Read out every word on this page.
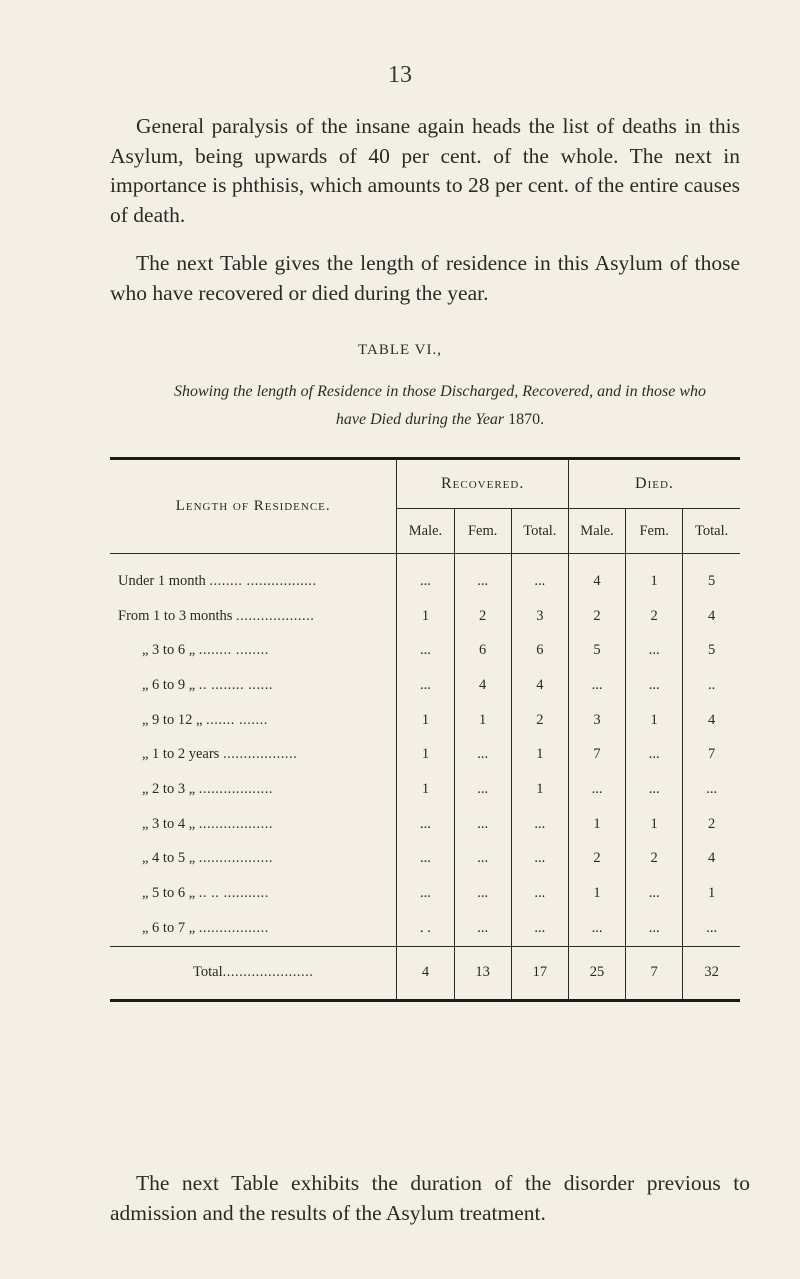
13

General paralysis of the insane again heads the list of deaths in this Asylum, being upwards of 40 per cent. of the whole. The next in importance is phthisis, which amounts to 28 per cent. of the entire causes of death.

The next Table gives the length of residence in this Asylum of those who have recovered or died during the year.

TABLE VI.,
Showing the length of Residence in those Discharged, Recovered, and in those who have Died during the Year 1870.
Length of Residence.	Recovered.			Died.		
	Male.	Fem.	Total.	Male.	Fem.	Total.
Under 1 month ........ .................	...	...	...	4	1	5
From 1 to 3 months ...................	1	2	3	2	2	4
„ 3 to 6 „ ........ ........	...	6	6	5	...	5
„ 6 to 9 „ .. ........ ......	...	4	4	...	...	..
„ 9 to 12 „ ....... .......	1	1	2	3	1	4
„ 1 to 2 years ..................	1	...	1	7	...	7
„ 2 to 3 „ ..................	1	...	1	...	...	...
„ 3 to 4 „ ..................	...	...	...	1	1	2
„ 4 to 5 „ ..................	...	...	...	2	2	4
„ 5 to 6 „ .. .. ...........	...	...	...	1	...	1
„ 6 to 7 „ .................	. .	...	...	...	...	...
Total......................	4	13	17	25	7	32

The next Table exhibits the duration of the disorder previous to admission and the results of the Asylum treatment.
